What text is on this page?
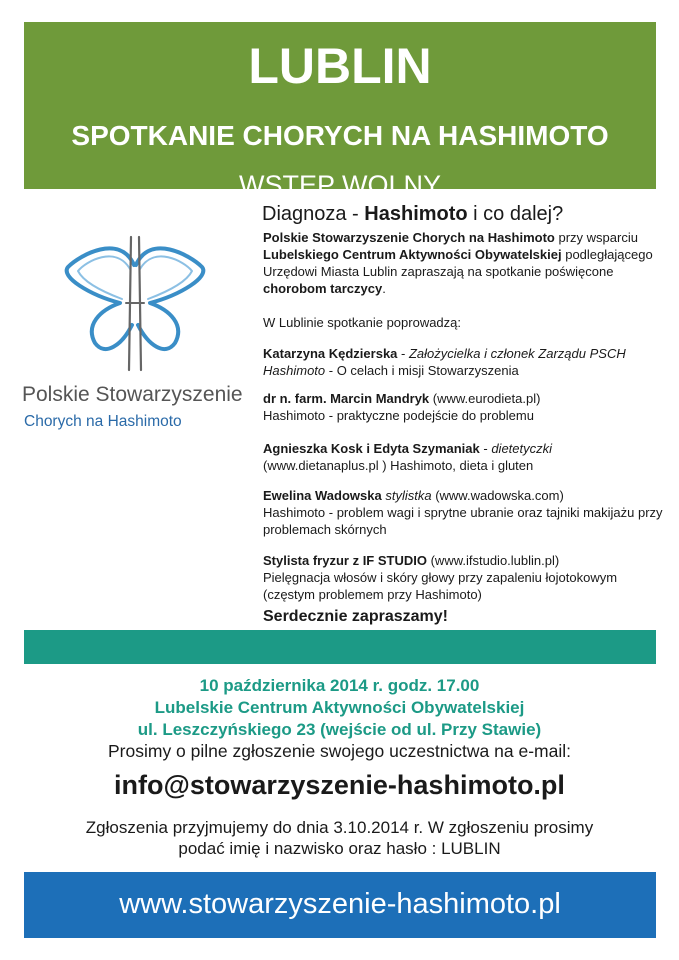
LUBLIN
SPOTKANIE CHORYCH NA HASHIMOTO
WSTĘP WOLNY
Polskie Stowarzyszenie
Chorych na Hashimoto
Diagnoza - Hashimoto i co dalej?
Polskie Stowarzyszenie Chorych na Hashimoto przy wsparciu Lubelskiego Centrum Aktywności Obywatelskiej podległającego Urzędowi Miasta Lublin zapraszają na spotkanie poświęcone chorobom tarczycy.
W Lublinie spotkanie poprowadzą:
Katarzyna Kędzierska - Założycielka i członek Zarządu PSCH Hashimoto - O celach i misji Stowarzyszenia
dr n. farm. Marcin Mandryk (www.eurodieta.pl)
Hashimoto - praktyczne podejście do problemu
Agnieszka Kosk i Edyta Szymaniak - dietetyczki
(www.dietanaplus.pl ) Hashimoto, dieta i gluten
Ewelina Wadowska stylistka (www.wadowska.com)
Hashimoto - problem wagi i sprytne ubranie oraz tajniki makijażu przy problemach skórnych
Stylista fryzur z IF STUDIO (www.ifstudio.lublin.pl)
Pielęgnacja włosów i skóry głowy przy zapaleniu łojotokowym (częstym problemem przy Hashimoto)
Serdecznie zapraszamy!
10 października 2014 r. godz. 17.00
Lubelskie Centrum Aktywności Obywatelskiej
ul. Leszczyńskiego 23 (wejście od ul. Przy Stawie)
Prosimy o pilne zgłoszenie swojego uczestnictwa na e-mail:
info@stowarzyszenie-hashimoto.pl
Zgłoszenia przyjmujemy do dnia 3.10.2014 r. W zgłoszeniu prosimy
podać imię i nazwisko oraz hasło : LUBLIN
www.stowarzyszenie-hashimoto.pl
